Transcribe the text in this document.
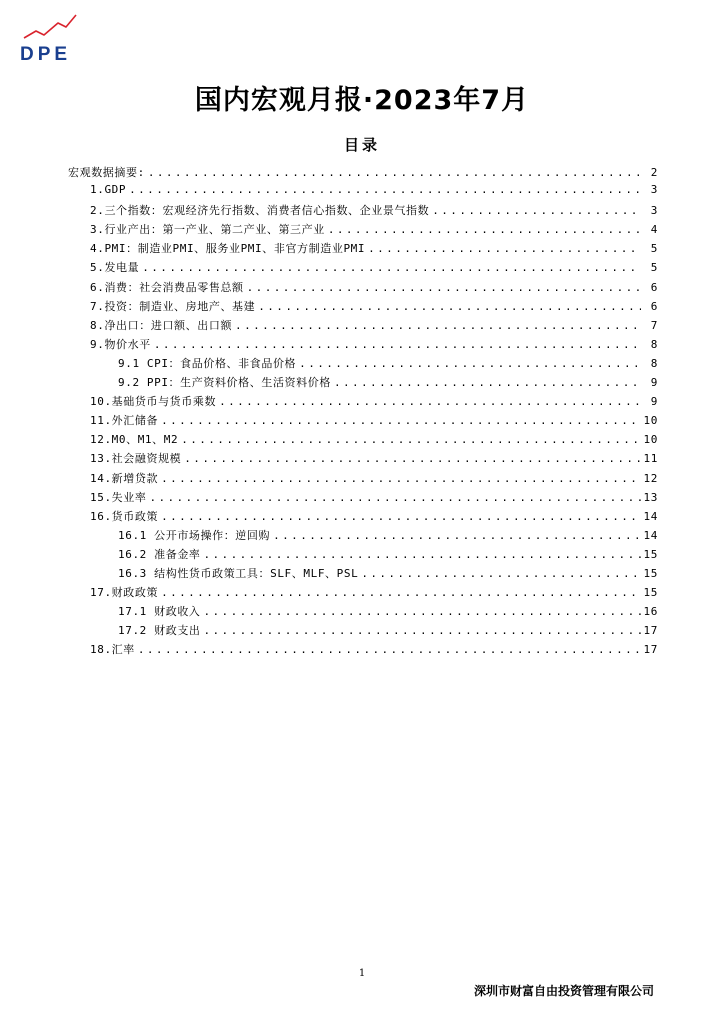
DPE
国内宏观月报·2023年7月
目录
宏观数据摘要: .....	2
1.GDP .....	3
2.三个指数：宏观经济先行指数、消费者信心指数、企业景气指数 .....	3
3.行业产出：第一产业、第二产业、第三产业 .....	4
4.PMI：制造业PMI、服务业PMI、非官方制造业PMI .....	5
5.发电量 .....	5
6.消费：社会消费品零售总额 .....	6
7.投资：制造业、房地产、基建 .....	6
8.净出口：进口额、出口额 .....	7
9.物价水平 .....	8
9.1 CPI：食品价格、非食品价格 .....	8
9.2 PPI：生产资料价格、生活资料价格 .....	9
10.基础货币与货币乘数 .....	9
11.外汇储备 .....	10
12.M0、M1、M2 .....	10
13.社会融资规模 .....	11
14.新增贷款 .....	12
15.失业率 .....	13
16.货币政策 .....	14
16.1 公开市场操作：逆回购 .....	14
16.2 准备金率 .....	15
16.3 结构性货币政策工具：SLF、MLF、PSL .....	15
17.财政政策 .....	15
17.1 财政收入 .....	16
17.2 财政支出 .....	17
18.汇率 .....	17
1
深圳市财富自由投资管理有限公司
